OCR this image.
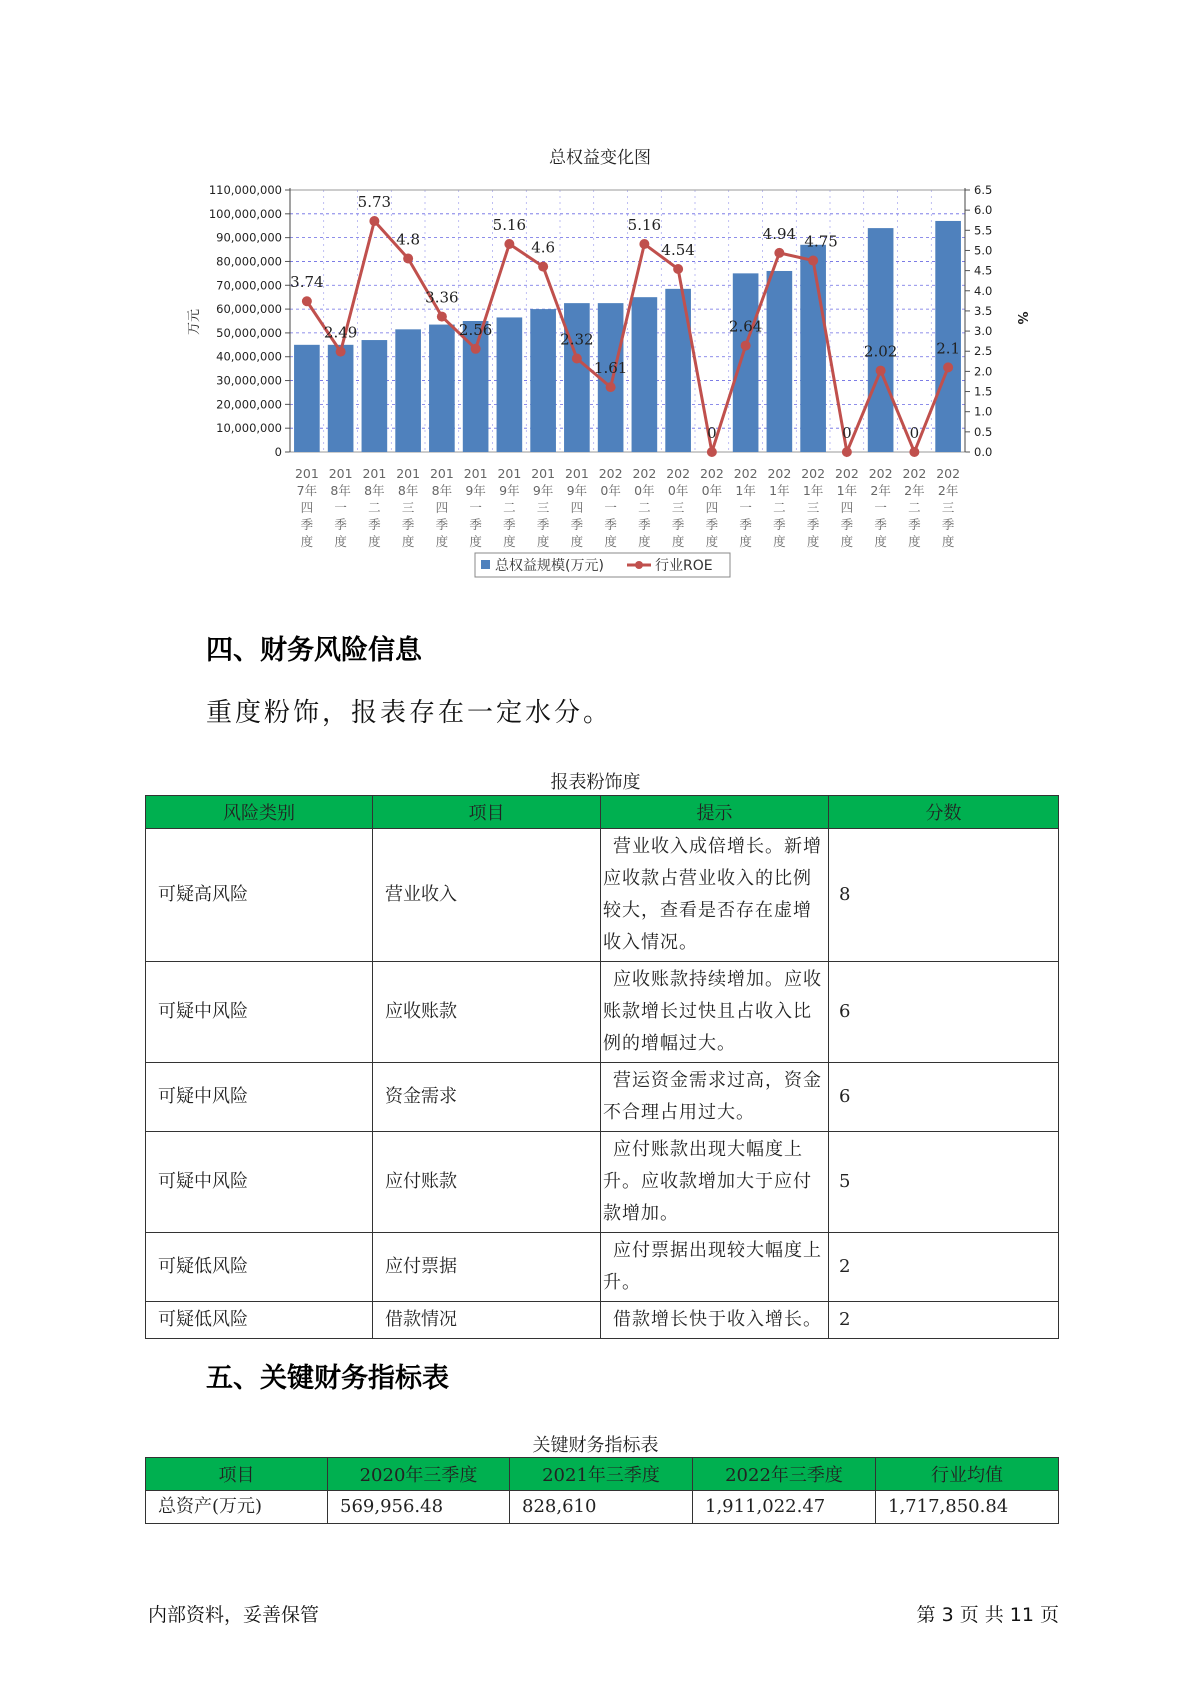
总权益变化图
0
10,000,000
20,000,000
30,000,000
40,000,000
50,000,000
60,000,000
70,000,000
80,000,000
90,000,000
100,000,000
110,000,000
0.0
0.5
1.0
1.5
2.0
2.5
3.0
3.5
4.0
4.5
5.0
5.5
6.0
6.5
万元	%
3.74
2.49
5.73
4.8
3.36
2.56
5.16
4.6
2.32
1.61
5.16
4.54
0
2.64
4.94 4.75
0
2.02
0
2.1
201
7年
四
季
度
201
8年
一
季
度
201
8年
二
季
度
201
8年
三
季
度
201
8年
四
季
度
201
9年
一
季
度
201
9年
二
季
度
201
9年
三
季
度
201
9年
四
季
度
202
0年
一
季
度
202
0年
二
季
度
202
0年
三
季
度
202
0年
四
季
度
202
1年
一
季
度
202
1年
二
季
度
202
1年
三
季
度
202
1年
四
季
度
202
2年
一
季
度
202
2年
二
季
度
202
2年
三
季
度
总权益规模(万元)	行业ROE
四、财务风险信息
重度粉饰，报表存在一定水分。
报表粉饰度
风险类别	项目	提示	分数
可疑高风险	营业收入	营业收入成倍增长。新增应收款占营业收入的比例较大，查看是否存在虚增收入情况。	8
可疑中风险	应收账款	应收账款持续增加。应收账款增长过快且占收入比例的增幅过大。	6
可疑中风险	资金需求	营运资金需求过高，资金不合理占用过大。	6
可疑中风险	应付账款	应付账款出现大幅度上升。应收款增加大于应付款增加。	5
可疑低风险	应付票据	应付票据出现较大幅度上升。	2
可疑低风险	借款情况	借款增长快于收入增长。	2
五、关键财务指标表
关键财务指标表
项目	2020年三季度	2021年三季度	2022年三季度	行业均值
总资产(万元)	569,956.48	828,610	1,911,022.47	1,717,850.84
内部资料，妥善保管	第 3 页 共 11 页
